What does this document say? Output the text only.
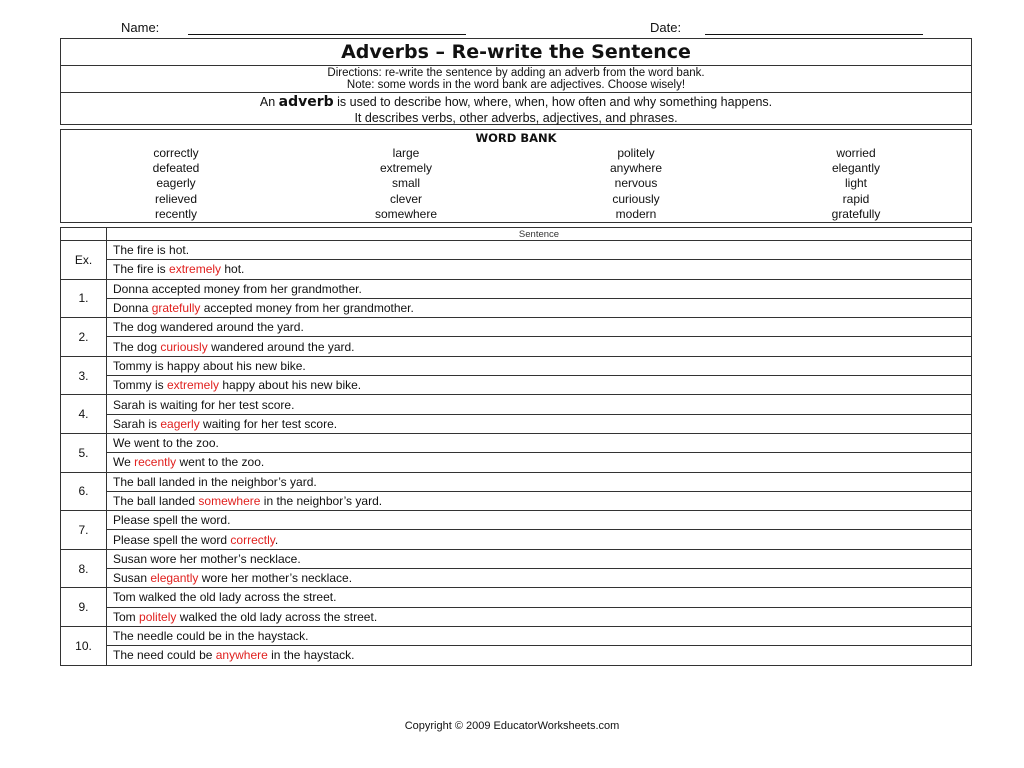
Name:	Date:
Adverbs – Re-write the Sentence
Directions: re-write the sentence by adding an adverb from the word bank.
Note: some words in the word bank are adjectives. Choose wisely!
An adverb is used to describe how, where, when, how often and why something happens.
It describes verbs, other adverbs, adjectives, and phrases.
WORD BANK
correctly	large	politely	worried
defeated	extremely	anywhere	elegantly
eagerly	small	nervous	light
relieved	clever	curiously	rapid
recently	somewhere	modern	gratefully
	Sentence
Ex.	The fire is hot.
	The fire is extremely hot.
1.	Donna accepted money from her grandmother.
	Donna gratefully accepted money from her grandmother.
2.	The dog wandered around the yard.
	The dog curiously wandered around the yard.
3.	Tommy is happy about his new bike.
	Tommy is extremely happy about his new bike.
4.	Sarah is waiting for her test score.
	Sarah is eagerly waiting for her test score.
5.	We went to the zoo.
	We recently went to the zoo.
6.	The ball landed in the neighbor’s yard.
	The ball landed somewhere in the neighbor’s yard.
7.	Please spell the word.
	Please spell the word correctly.
8.	Susan wore her mother’s necklace.
	Susan elegantly wore her mother’s necklace.
9.	Tom walked the old lady across the street.
	Tom politely walked the old lady across the street.
10.	The needle could be in the haystack.
	The need could be anywhere in the haystack.
Copyright © 2009 EducatorWorksheets.com
